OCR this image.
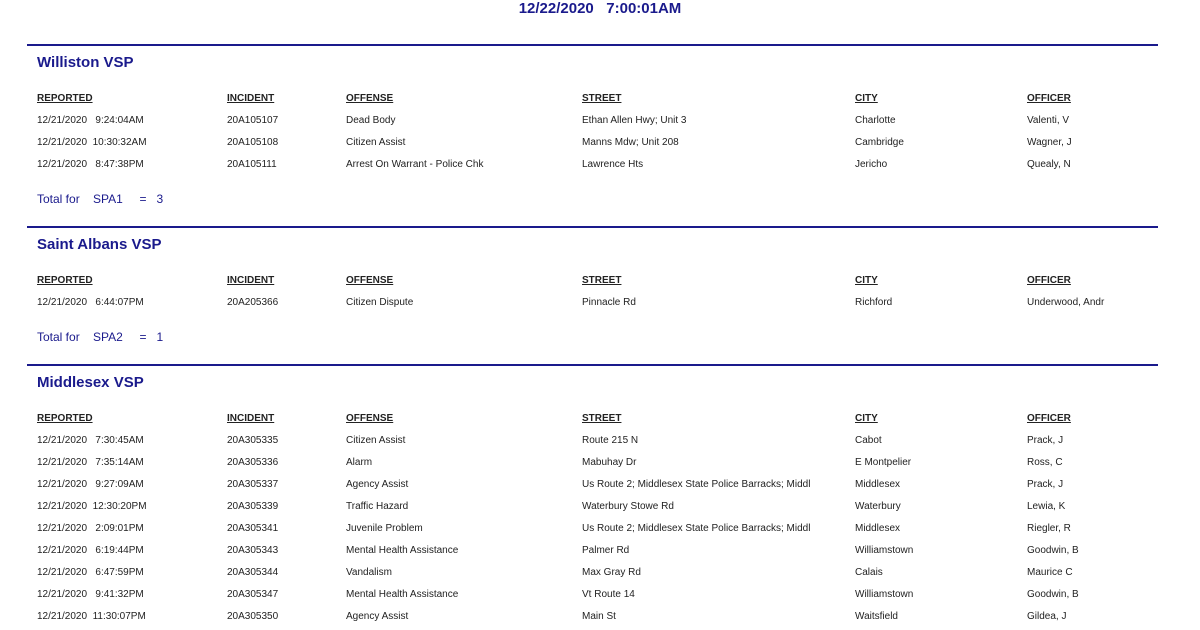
12/22/2020   7:00:01AM
Williston VSP
REPORTED	INCIDENT	OFFENSE	STREET	CITY	OFFICER
12/21/2020   9:24:04AM	20A105107	Dead Body	Ethan Allen Hwy; Unit 3	Charlotte	Valenti, V
12/21/2020  10:30:32AM	20A105108	Citizen Assist	Manns Mdw; Unit 208	Cambridge	Wagner, J
12/21/2020   8:47:38PM	20A105111	Arrest On Warrant - Police Chk	Lawrence Hts	Jericho	Quealy, N
Total for    SPA1     =   3
Saint Albans VSP
REPORTED	INCIDENT	OFFENSE	STREET	CITY	OFFICER
12/21/2020   6:44:07PM	20A205366	Citizen Dispute	Pinnacle Rd	Richford	Underwood, Andr
Total for    SPA2     =   1
Middlesex VSP
REPORTED	INCIDENT	OFFENSE	STREET	CITY	OFFICER
12/21/2020   7:30:45AM	20A305335	Citizen Assist	Route 215 N	Cabot	Prack, J
12/21/2020   7:35:14AM	20A305336	Alarm	Mabuhay Dr	E Montpelier	Ross, C
12/21/2020   9:27:09AM	20A305337	Agency Assist	Us Route 2; Middlesex State Police Barracks; Middl	Middlesex	Prack, J
12/21/2020  12:30:20PM	20A305339	Traffic Hazard	Waterbury Stowe Rd	Waterbury	Lewia, K
12/21/2020   2:09:01PM	20A305341	Juvenile Problem	Us Route 2; Middlesex State Police Barracks; Middl	Middlesex	Riegler, R
12/21/2020   6:19:44PM	20A305343	Mental Health Assistance	Palmer Rd	Williamstown	Goodwin, B
12/21/2020   6:47:59PM	20A305344	Vandalism	Max Gray Rd	Calais	Maurice C
12/21/2020   9:41:32PM	20A305347	Mental Health Assistance	Vt Route 14	Williamstown	Goodwin, B
12/21/2020  11:30:07PM	20A305350	Agency Assist	Main St	Waitsfield	Gildea, J
